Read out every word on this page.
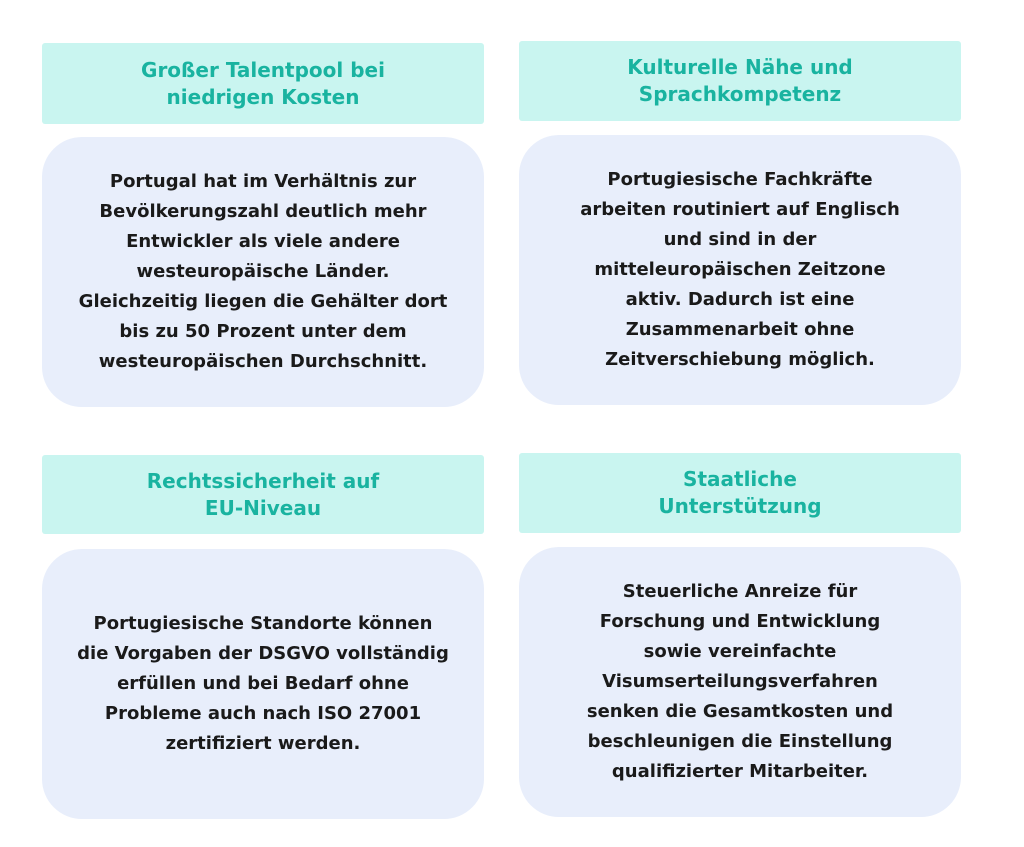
Großer Talentpool bei niedrigen Kosten
Portugal hat im Verhältnis zur Bevölkerungszahl deutlich mehr Entwickler als viele andere westeuropäische Länder. Gleichzeitig liegen die Gehälter dort bis zu 50 Prozent unter dem westeuropäischen Durchschnitt.
Kulturelle Nähe und Sprachkompetenz
Portugiesische Fachkräfte arbeiten routiniert auf Englisch und sind in der mitteleuropäischen Zeitzone aktiv. Dadurch ist eine Zusammenarbeit ohne Zeitverschiebung möglich.
Rechtssicherheit auf EU-Niveau
Portugiesische Standorte können die Vorgaben der DSGVO vollständig erfüllen und bei Bedarf ohne Probleme auch nach ISO 27001 zertifiziert werden.
Staatliche Unterstützung
Steuerliche Anreize für Forschung und Entwicklung sowie vereinfachte Visumserteilungsverfahren senken die Gesamtkosten und beschleunigen die Einstellung qualifizierter Mitarbeiter.
